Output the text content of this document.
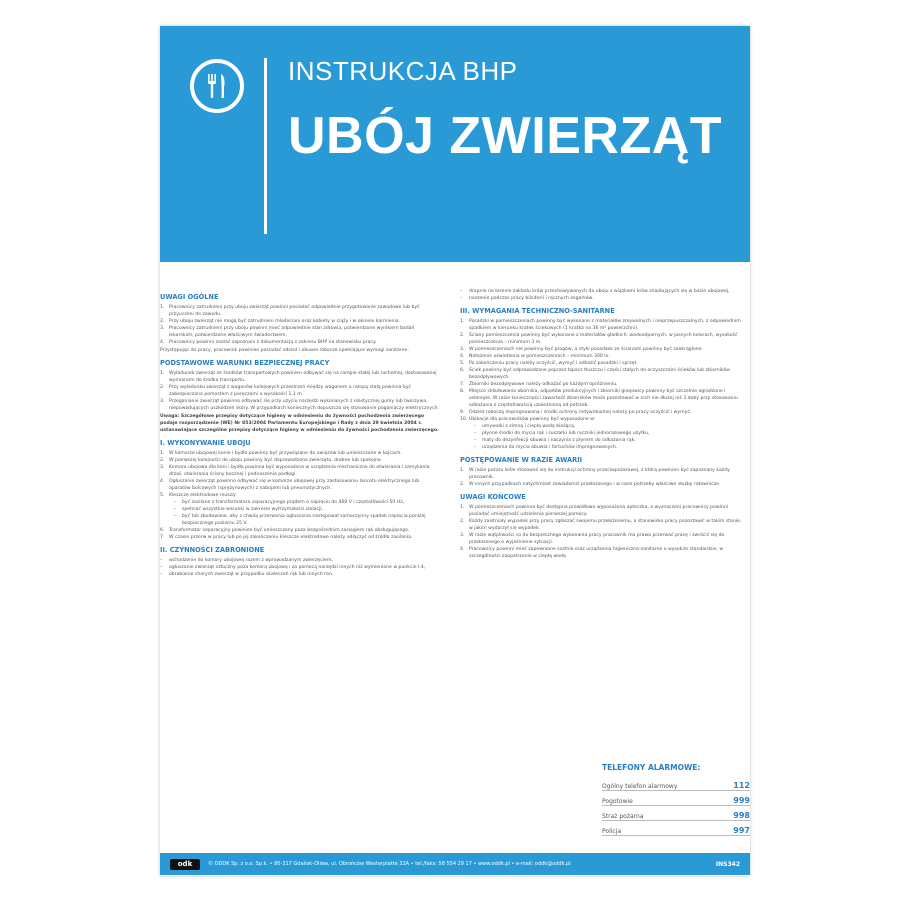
INSTRUKCJA BHP
UBÓJ ZWIERZĄT
UWAGI OGÓLNE
1.	Pracownicy zatrudnieni przy uboju zwierząt powinni posiadać odpowiednie przygotowanie zawodowe lub być przyuczeni do zawodu.
2.	Przy uboju zwierząt nie mogą być zatrudnieni młodociani oraz kobiety w ciąży i w okresie karmienia.
3.	Pracownicy zatrudnieni przy uboju powinni mieć odpowiednie stan zdrowia, potwierdzone wynikiem badań lekarskich, potwierdzone właściwym świadectwem.
4.	Pracownicy powinni zostać zapoznani z dokumentacją z zakresu BHP na stanowisku pracy.
Przystępując do pracy, pracownik powinien posiadać odzież i obuwie robocze spełniające wymogi sanitarne.
PODSTAWOWE WARUNKI BEZPIECZNEJ PRACY
1.	Wyładunek zwierząt ze środków transportowych powinien odbywać się na rampie stałej lub ruchomej, dostosowanej wymiarami do środka transportu.
2.	Przy wyładunku zwierząt z wagonów kolejowych przestrzeń między wagonem a rampą stałą powinna być zabezpieczona pomostem z poręczami o wysokości 1,1 m.
3.	Przeganianie zwierząt powinno odbywać się przy użyciu narzędzi wykonanych z elastycznej gumy lub tworzywa, niepowodujących uszkodzeń skóry. W przypadkach koniecznych dopuszcza się stosowanie poganiaczy elektrycznych.
Uwaga: Szczegółowe przepisy dotyczące higieny w odniesieniu do żywności pochodzenia zwierzęcego podaje rozporządzenie (WE) Nr 853/2004 Parlamentu Europejskiego i Rady z dnia 29 kwietnia 2004 r. ustanawiające szczególne przepisy dotyczące higieny w odniesieniu do żywności pochodzenia zwierzęcego.
I. WYKONYWANIE UBOJU
1.	W komorze ubojowej konie i bydło powinny być przywiązane do uwięzów lub umieszczone w kojcach.
2.	W pierwszej kolejności do uboju powinny być doprowadzone zwierzęta, drobne lub spokojne.
3.	Komora ubojowa dla koni i bydła powinna być wyposażona w urządzenia mechaniczne do otwierania i zamykania drzwi, otwierania ściany bocznej i podnoszenia podłogi.
4.	Ogłuszanie zwierząt powinno odbywać się w komorze ubojowej przy zastosowaniu lancetu elektrycznego lub aparatów bolcowych (sprężynowych) z nabojami lub pneumatycznych.
5.	Kleszcze elektrodowe muszą:
–	być zasilane z transformatora separacyjnego prądem o napięciu do 460 V i częstotliwości 50 Hz,
–	spełniać wszystkie warunki w zakresie wytrzymałości izolacji,
–	być tak zbudowane, aby z chwilą przerwania ogłuszania następował samoczynny spadek napięcia poniżej bezpiecznego poziomu 25 V.
6.	Transformator separacyjny powinien być umieszczony poza bezpośrednim zasięgiem rąk obsługującego.
7.	W czasie przerw w pracy lub po jej zakończeniu kleszcze elektrodowe należy odłączyć od źródła zasilania.
II. CZYNNOŚCI ZABRONIONE
–	wchodzenie do komory ubojowej razem z wprowadzanym zwierzęciem,
–	ogłuszanie zwierząt sztuczny poza komorą ubojową i za pomocą narzędzi innych niż wymienione w punkcie I.4,
–	obrabianie chorych zwierząt w przypadku skaleczeń rąk lub innych ran,
–	drapnie na terenie zakładu krów przechowywanych do uboju z wiązkami krów znajdujących się w bazie ubojowej,
–	noszenie podczas pracy biżuterii i ręcznych zegarków.
III. WYMAGANIA TECHNICZNO-SANITARNE
1.	Posadzki w pomieszczeniach powinny być wykonane z materiałów zmywalnych i nieprzepuszczalnych, z odpowiednim spadkiem w kierunku kratek ściekowych (1 kratka na 36 m² powierzchni).
2.	Ściany pomieszczenia powinny być wykonane z materiałów gładkich, wodoodpornych, w jasnych kolorach, wysokość pomieszczenia – minimum 3 m.
3.	W pomieszczeniach nie powinny być progów, a styki posadzek ze ścianami powinny być zaokrąglone.
4.	Natężenie oświetlenia w pomieszczeniach – minimum 300 lx.
5.	Po zakończeniu pracy należy oczyścić, wymyć i odkazić posadzki i sprzęt.
6.	Ściek powinny być odprowadzane poprzez łapacz tłuszczu i części stałych do oczyszczalni ścieków lub zbiorników bezodpływowych.
7.	Zbiorniki bezodpływowe należy odkażać po każdym opróżnieniu.
8.	Miejsce składowania obornika, odpadów produkcyjnych i zbiorniki gnojowicy powinny być szczelnie ogrodzone i osłonięte. W razie konieczności zawartość zbiorników może pozostawać w nich nie dłużej niż 3 doby przy stosowaniu odkażania z częstotliwością uzależnioną od potrzeb.
9.	Odzież roboczą impregnowaną i środki ochrony indywidualnej należy po pracy oczyścić i wymyć.
10. Ubikacje dla pracowników powinny być wyposażone w:
–	umywalki z zimną i ciepłą wodą bieżącą,
–	płynne środki do mycia rąk i suszarki lub ręczniki jednorazowego użytku,
–	maty do dezynfekcji obuwia i naczynia z płynem do odkażania rąk,
–	urządzenia do mycia obuwia i fartuchów impregnowanych.
POSTĘPOWANIE W RAZIE AWARII
1.	W razie pożaru leśle stosować się do instrukcji ochrony przeciwpożarowej, z którą powinien być zapoznany każdy pracownik.
2.	W innych przypadkach natychmiast zawiadomić przełożonego i w razie potrzeby właściwe służby ratownicze.
UWAGI KOŃCOWE
1.	W pomieszczeniach powinna być dostępna prawidłowo wyposażona apteczka, a wyznaczeni pracownicy powinni posiadać umiejętność udzielenia pierwszej pomocy.
2.	Każdy zaistniały wypadek przy pracy zgłaszać swojemu przełożonemu, a stanowisko pracy pozostawić w takim stanie, w jakim wydarzył się wypadek.
3.	W razie wątpliwości co do bezpiecznego wykonania pracy pracownik ma prawo przerwać pracę i zwrócić się do przełożonego o wyjaśnienie sytuacji.
4.	Pracownicy powinni mieć zapewnione szafnie oraz urządzenia higieniczno-sanitarne o wysokim standardzie, w szczególności zaopatrzenie w ciepłą wodę.
TELEFONY ALARMOWE:
Ogólny telefon alarmowy	112
Pogotowie	999
Straż pożarna	998
Policja	997
odk	© ODDK Sp. z o.o. Sp.k. • 80-317 Gdańsk-Oliwa, ul. Obrońców Westerplatte 32A • tel./faks: 58 554 29 17 • www.oddk.pl • e-mail: oddk@oddk.pl	INS342
